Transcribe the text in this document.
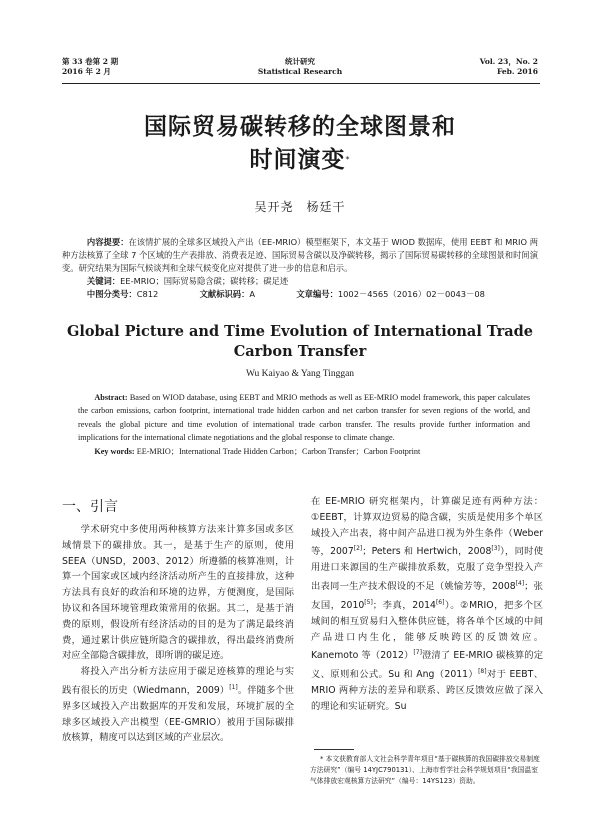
第 33 卷第 2 期
2016 年 2 月
统计研究
Statistical Research
Vol. 23，No. 2
Feb. 2016
国际贸易碳转移的全球图景和
时间演变*
吴开尧　杨廷干
内容提要：在该情扩展的全球多区域投入产出（EE-MRIO）模型框架下，本文基于 WIOD 数据库，使用 EEBT 和 MRIO 两种方法核算了全球 7 个区域的生产表排放、消费表足迹、国际贸易含碳以及净碳转移，揭示了国际贸易碳转移的全球图景和时间演变。研究结果为国际气候谈判和全球气候变化应对提供了进一步的信息和启示。
关键词：EE-MRIO；国际贸易隐含碳；碳转移；碳足迹
中图分类号：C812	文献标识码：A	文章编号：1002－4565（2016）02－0043－08
Global Picture and Time Evolution of International Trade
Carbon Transfer
Wu Kaiyao & Yang Tinggan
Abstract: Based on WIOD database, using EEBT and MRIO methods as well as EE-MRIO model framework, this paper calculates the carbon emissions, carbon footprint, international trade hidden carbon and net carbon transfer for seven regions of the world, and reveals the global picture and time evolution of international trade carbon transfer. The results provide further information and implications for the international climate negotiations and the global response to climate change.
Key words: EE-MRIO；International Trade Hidden Carbon；Carbon Transfer；Carbon Footprint
一、引言

学术研究中多使用两种核算方法来计算多国或多区域情景下的碳排放。其一，是基于生产的原则，使用 SEEA（UNSD，2003、2012）所遵循的核算准则，计算一个国家或区域内经济活动所产生的直接排放，这种方法具有良好的政治和环境的边界，方便测度，是国际协议和各国环境管理政策常用的依据。其二，是基于消费的原则，假设所有经济活动的目的是为了满足最终消费，通过累计供应链所隐含的碳排放，得出最终消费所对应全部隐含碳排放，即所谓的碳足迹。

将投入产出分析方法应用于碳足迹核算的理论与实践有很长的历史（Wiedmann，2009）[1]。伴随多个世界多区域投入产出数据库的开发和发展，环境扩展的全球多区域投入产出模型（EE-GMRIO）被用于国际碳排放核算，精度可以达到区域的产业层次。

在 EE-MRIO 研究框架内，计算碳足迹有两种方法：①EEBT，计算双边贸易的隐含碳，实质是使用多个单区域投入产出表，将中间产品进口视为外生条件（Weber 等，2007[2]；Peters 和 Hertwich，2008[3]），同时使用进口来源国的生产碳排放系数，克服了竞争型投入产出表同一生产技术假设的不足（姚愉芳等，2008[4]；张友国，2010[5]；李真，2014[6]）。②MRIO，把多个区域间的相互贸易归入整体供应链，将各单个区域的中间产品进口内生化，能够反映跨区的反馈效应。Kanemoto 等（2012）[7]澄清了 EE-MRIO 碳核算的定义、原则和公式。Su 和 Ang（2011）[8]对于 EEBT、MRIO 两种方法的差异和联系、跨区反馈效应做了深入的理论和实证研究。Su

* 本文获教育部人文社会科学青年项目“基于碳核算的我国碳排放交易制度方法研究”（编号 14YJC790131）、上海市哲学社会科学规划项目“我国温室气体排放宏观核算方法研究”（编号：14YS123）资助。
